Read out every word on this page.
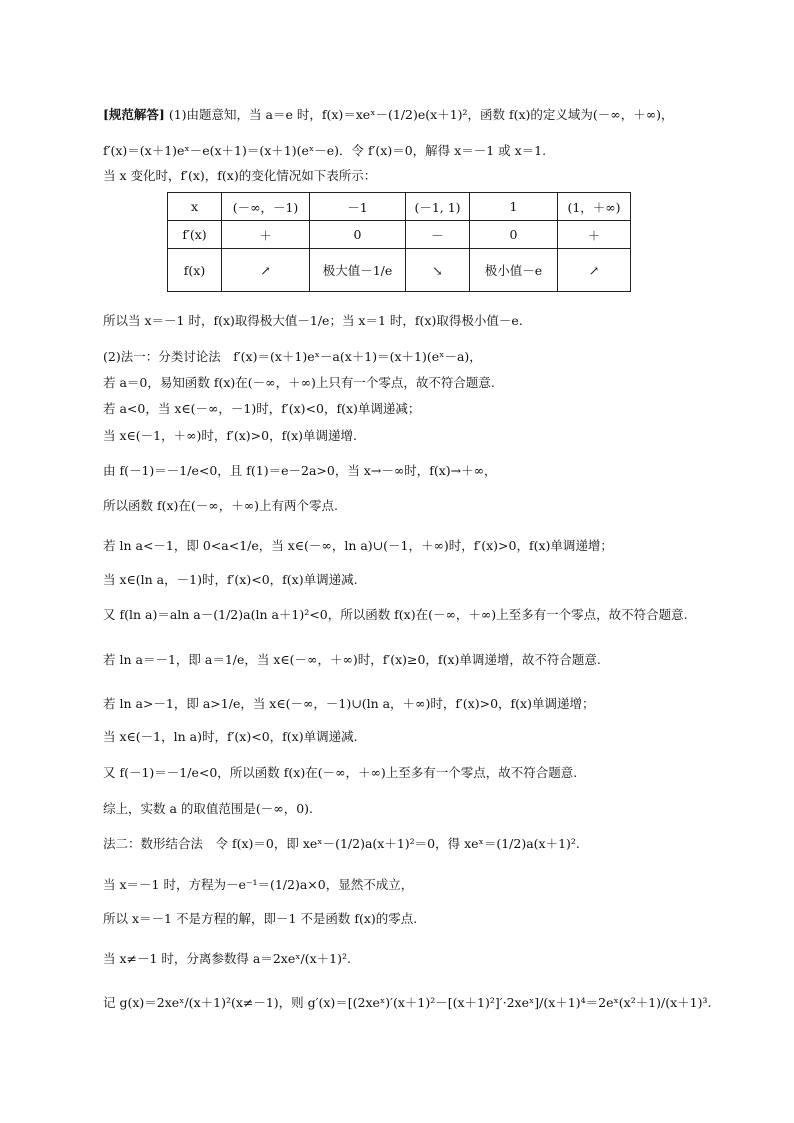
[规范解答] (1)由题意知，当 a＝e 时，f(x)＝xeˣ－(1/2)e(x＋1)²，函数 f(x)的定义域为(－∞，＋∞)，
f′(x)＝(x＋1)eˣ－e(x＋1)＝(x＋1)(eˣ－e)．令 f′(x)＝0，解得 x＝－1 或 x＝1.
当 x 变化时，f′(x)，f(x)的变化情况如下表所示：
x	(－∞，－1)	－1	(－1, 1)	1	(1，＋∞)
f′(x)	＋	0	－	0	＋
f(x)	↗	极大值－1/e	↘	极小值－e	↗
所以当 x＝－1 时，f(x)取得极大值－1/e；当 x＝1 时，f(x)取得极小值－e.
(2)法一：分类讨论法　f′(x)＝(x＋1)eˣ－a(x＋1)＝(x＋1)(eˣ－a)，
若 a＝0，易知函数 f(x)在(－∞，＋∞)上只有一个零点，故不符合题意.
若 a<0，当 x∈(－∞，－1)时，f′(x)<0，f(x)单调递减；
当 x∈(－1，＋∞)时，f′(x)>0，f(x)单调递增.
由 f(－1)＝－1/e<0，且 f(1)＝e－2a>0，当 x→－∞时，f(x)→＋∞，
所以函数 f(x)在(－∞，＋∞)上有两个零点.
若 ln a<－1，即 0<a<1/e，当 x∈(－∞，ln a)∪(－1，＋∞)时，f′(x)>0，f(x)单调递增；
当 x∈(ln a，－1)时，f′(x)<0，f(x)单调递减.
又 f(ln a)＝aln a－(1/2)a(ln a＋1)²<0，所以函数 f(x)在(－∞，＋∞)上至多有一个零点，故不符合题意.
若 ln a＝－1，即 a＝1/e，当 x∈(－∞，＋∞)时，f′(x)≥0，f(x)单调递增，故不符合题意.
若 ln a>－1，即 a>1/e，当 x∈(－∞，－1)∪(ln a，＋∞)时，f′(x)>0，f(x)单调递增；
当 x∈(－1，ln a)时，f′(x)<0，f(x)单调递减.
又 f(－1)＝－1/e<0，所以函数 f(x)在(－∞，＋∞)上至多有一个零点，故不符合题意.
综上，实数 a 的取值范围是(－∞，0).
法二：数形结合法　令 f(x)＝0，即 xeˣ－(1/2)a(x＋1)²＝0，得 xeˣ＝(1/2)a(x＋1)².
当 x＝－1 时，方程为－e⁻¹＝(1/2)a×0，显然不成立，
所以 x＝－1 不是方程的解，即－1 不是函数 f(x)的零点.
当 x≠－1 时，分离参数得 a＝2xeˣ/(x＋1)².
记 g(x)＝2xeˣ/(x＋1)²(x≠－1)，则 g′(x)＝[(2xeˣ)′(x＋1)²－[(x＋1)²]′·2xeˣ]/(x＋1)⁴＝2eˣ(x²＋1)/(x＋1)³.
